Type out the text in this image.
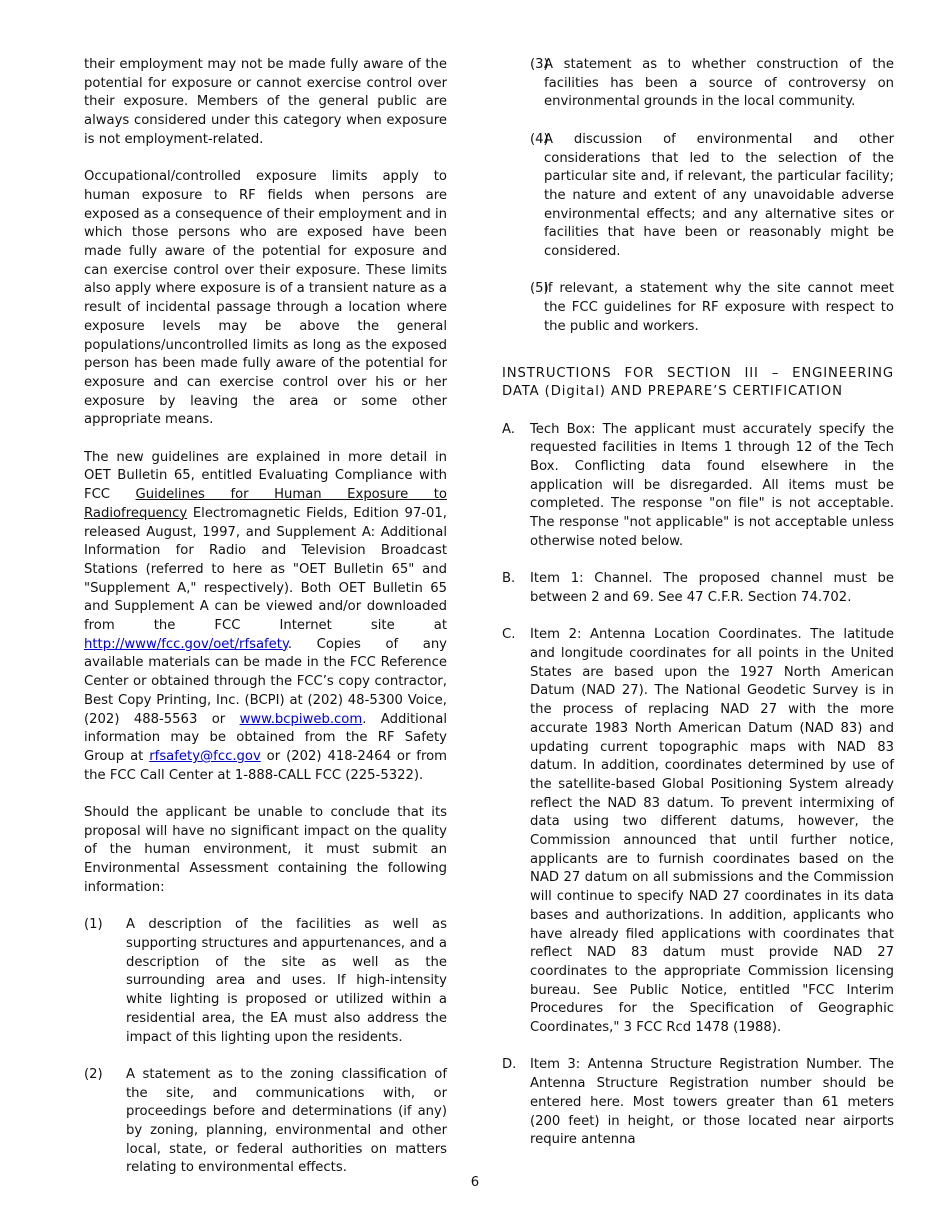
their employment may not be made fully aware of the potential for exposure or cannot exercise control over their exposure. Members of the general public are always considered under this category when exposure is not employment-related.

Occupational/controlled exposure limits apply to human exposure to RF fields when persons are exposed as a consequence of their employment and in which those persons who are exposed have been made fully aware of the potential for exposure and can exercise control over their exposure. These limits also apply where exposure is of a transient nature as a result of incidental passage through a location where exposure levels may be above the general populations/uncontrolled limits as long as the exposed person has been made fully aware of the potential for exposure and can exercise control over his or her exposure by leaving the area or some other appropriate means.

The new guidelines are explained in more detail in OET Bulletin 65, entitled Evaluating Compliance with FCC Guidelines for Human Exposure to Radiofrequency Electromagnetic Fields, Edition 97-01, released August, 1997, and Supplement A: Additional Information for Radio and Television Broadcast Stations (referred to here as "OET Bulletin 65" and "Supplement A," respectively). Both OET Bulletin 65 and Supplement A can be viewed and/or downloaded from the FCC Internet site at http://www/fcc.gov/oet/rfsafety. Copies of any available materials can be made in the FCC Reference Center or obtained through the FCC’s copy contractor, Best Copy Printing, Inc. (BCPI) at (202) 48-5300 Voice, (202) 488-5563 or www.bcpiweb.com. Additional information may be obtained from the RF Safety Group at rfsafety@fcc.gov or (202) 418-2464 or from the FCC Call Center at 1-888-CALL FCC (225-5322).

Should the applicant be unable to conclude that its proposal will have no significant impact on the quality of the human environment, it must submit an Environmental Assessment containing the following information:

(1) A description of the facilities as well as supporting structures and appurtenances, and a description of the site as well as the surrounding area and uses. If high-intensity white lighting is proposed or utilized within a residential area, the EA must also address the impact of this lighting upon the residents.

(2) A statement as to the zoning classification of the site, and communications with, or proceedings before and determinations (if any) by zoning, planning, environmental and other local, state, or federal authorities on matters relating to environmental effects.

(3)

A statement as to whether construction of the facilities has been a source of controversy on environmental grounds in the local community.

(4)

A discussion of environmental and other considerations that led to the selection of the particular site and, if relevant, the particular facility; the nature and extent of any unavoidable adverse environmental effects; and any alternative sites or facilities that have been or reasonably might be considered.

(5)

If relevant, a statement why the site cannot meet the FCC guidelines for RF exposure with respect to the public and workers.

INSTRUCTIONS FOR SECTION III – ENGINEERING DATA (Digital) AND PREPARE’S CERTIFICATION

A. Tech Box: The applicant must accurately specify the requested facilities in Items 1 through 12 of the Tech Box. Conflicting data found elsewhere in the application will be disregarded. All items must be completed. The response "on file" is not acceptable. The response "not applicable" is not acceptable unless otherwise noted below.

B. Item 1: Channel. The proposed channel must be between 2 and 69. See 47 C.F.R. Section 74.702.

C. Item 2: Antenna Location Coordinates. The latitude and longitude coordinates for all points in the United States are based upon the 1927 North American Datum (NAD 27). The National Geodetic Survey is in the process of replacing NAD 27 with the more accurate 1983 North American Datum (NAD 83) and updating current topographic maps with NAD 83 datum. In addition, coordinates determined by use of the satellite-based Global Positioning System already reflect the NAD 83 datum. To prevent intermixing of data using two different datums, however, the Commission announced that until further notice, applicants are to furnish coordinates based on the NAD 27 datum on all submissions and the Commission will continue to specify NAD 27 coordinates in its data bases and authorizations. In addition, applicants who have already filed applications with coordinates that reflect NAD 83 datum must provide NAD 27 coordinates to the appropriate Commission licensing bureau. See Public Notice, entitled "FCC Interim Procedures for the Specification of Geographic Coordinates," 3 FCC Rcd 1478 (1988).

D. Item 3: Antenna Structure Registration Number. The Antenna Structure Registration number should be entered here. Most towers greater than 61 meters (200 feet) in height, or those located near airports require antenna

6
